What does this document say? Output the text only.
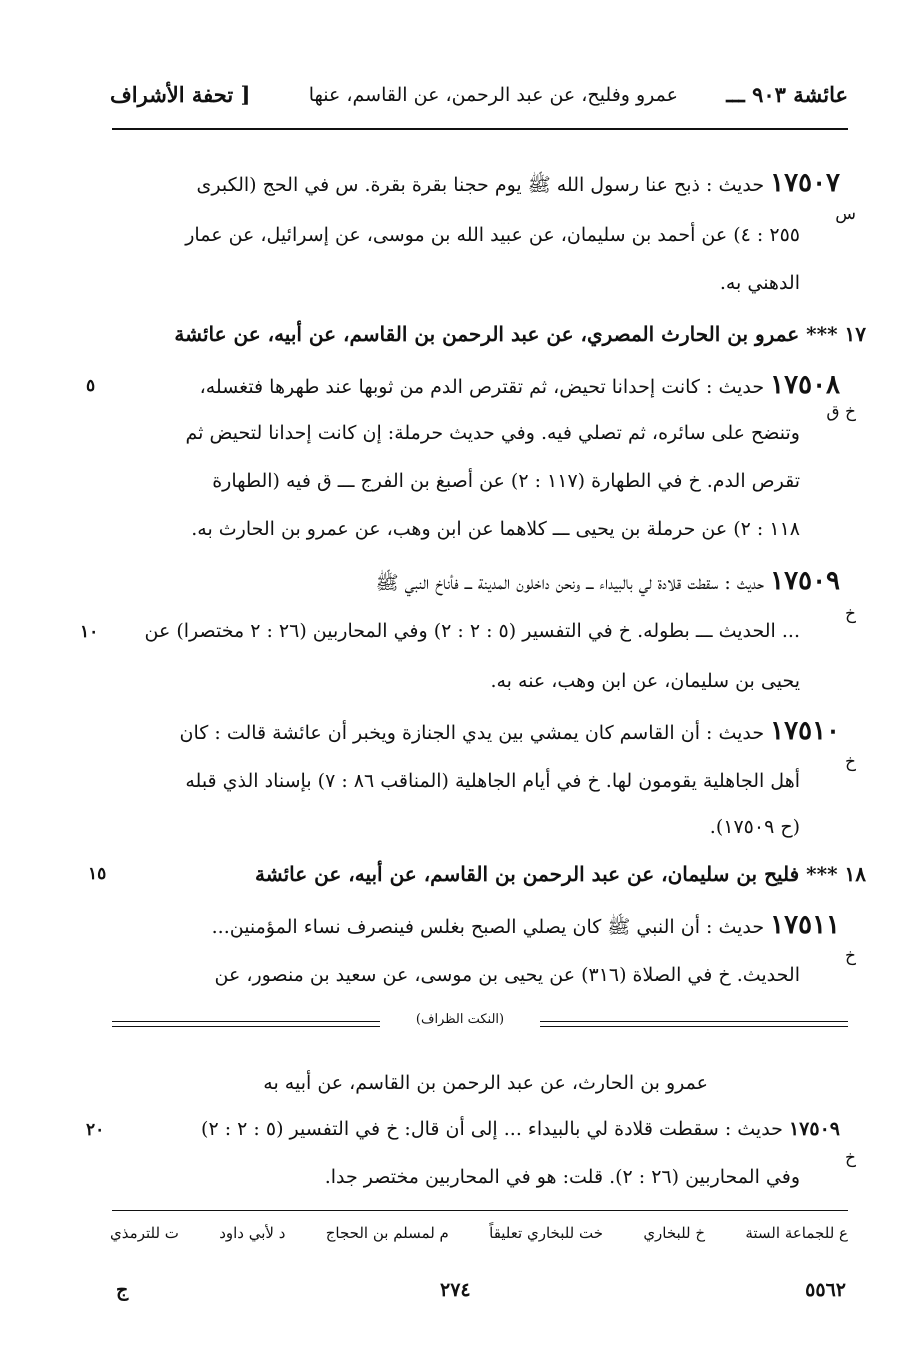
عائشة ٩٠٣ ـــ
عمرو وفليح، عن عبد الرحمن، عن القاسم، عنها
[ تحفة الأشراف
١٧٥٠٧ حديث : ذبح عنا رسول الله ﷺ يوم حجنا بقرة بقرة. س في الحج (الكبرى
س
٢٥٥ : ٤) عن أحمد بن سليمان، عن عبيد الله بن موسى، عن إسرائيل، عن عمار
الدهني به.
١٧ *** عمرو بن الحارث المصري، عن عبد الرحمن بن القاسم، عن أبيه، عن عائشة
١٧٥٠٨ حديث : كانت إحدانا تحيض، ثم تقترص الدم من ثوبها عند طهرها فتغسله،
٥
خ ق
وتنضح على سائره، ثم تصلي فيه. وفي حديث حرملة: إن كانت إحدانا لتحيض ثم
تقرص الدم. خ في الطهارة (١١٧ : ٢) عن أصبغ بن الفرج ـــ ق فيه (الطهارة
١١٨ : ٢) عن حرملة بن يحيى ـــ كلاهما عن ابن وهب، عن عمرو بن الحارث به.
١٧٥٠٩ حديث : سقطت قلادة لي بالبيداء ـــ ونحن داخلون المدينة ـــ فأناخ النبي ﷺ
خ
... الحديث ـــ بطوله. خ في التفسير (٥ : ٢ : ٢) وفي المحاربين (٢٦ : ٢ مختصرا) عن
١٠
يحيى بن سليمان، عن ابن وهب، عنه به.
١٧٥١٠ حديث : أن القاسم كان يمشي بين يدي الجنازة ويخبر أن عائشة قالت : كان
خ
أهل الجاهلية يقومون لها. خ في أيام الجاهلية (المناقب ٨٦ : ٧) بإسناد الذي قبله
(ح ١٧٥٠٩).
١٨ *** فليح بن سليمان، عن عبد الرحمن بن القاسم، عن أبيه، عن عائشة
١٥
١٧٥١١ حديث : أن النبي ﷺ كان يصلي الصبح بغلس فينصرف نساء المؤمنين...
خ
الحديث. خ في الصلاة (٣١٦) عن يحيى بن موسى، عن سعيد بن منصور، عن
(النكت الظراف)
عمرو بن الحارث، عن عبد الرحمن بن القاسم، عن أبيه به
١٧٥٠٩ حديث : سقطت قلادة لي بالبيداء ... إلى أن قال: خ في التفسير (٥ : ٢ : ٢)
٢٠
خ
وفي المحاربين (٢٦ : ٢). قلت: هو في المحاربين مختصر جدا.
ع للجماعة الستة
خ للبخاري
خت للبخاري تعليقاً
م لمسلم بن الحجاج
د لأبي داود
ت للترمذي
٥٥٦٢
٢٧٤
ج
